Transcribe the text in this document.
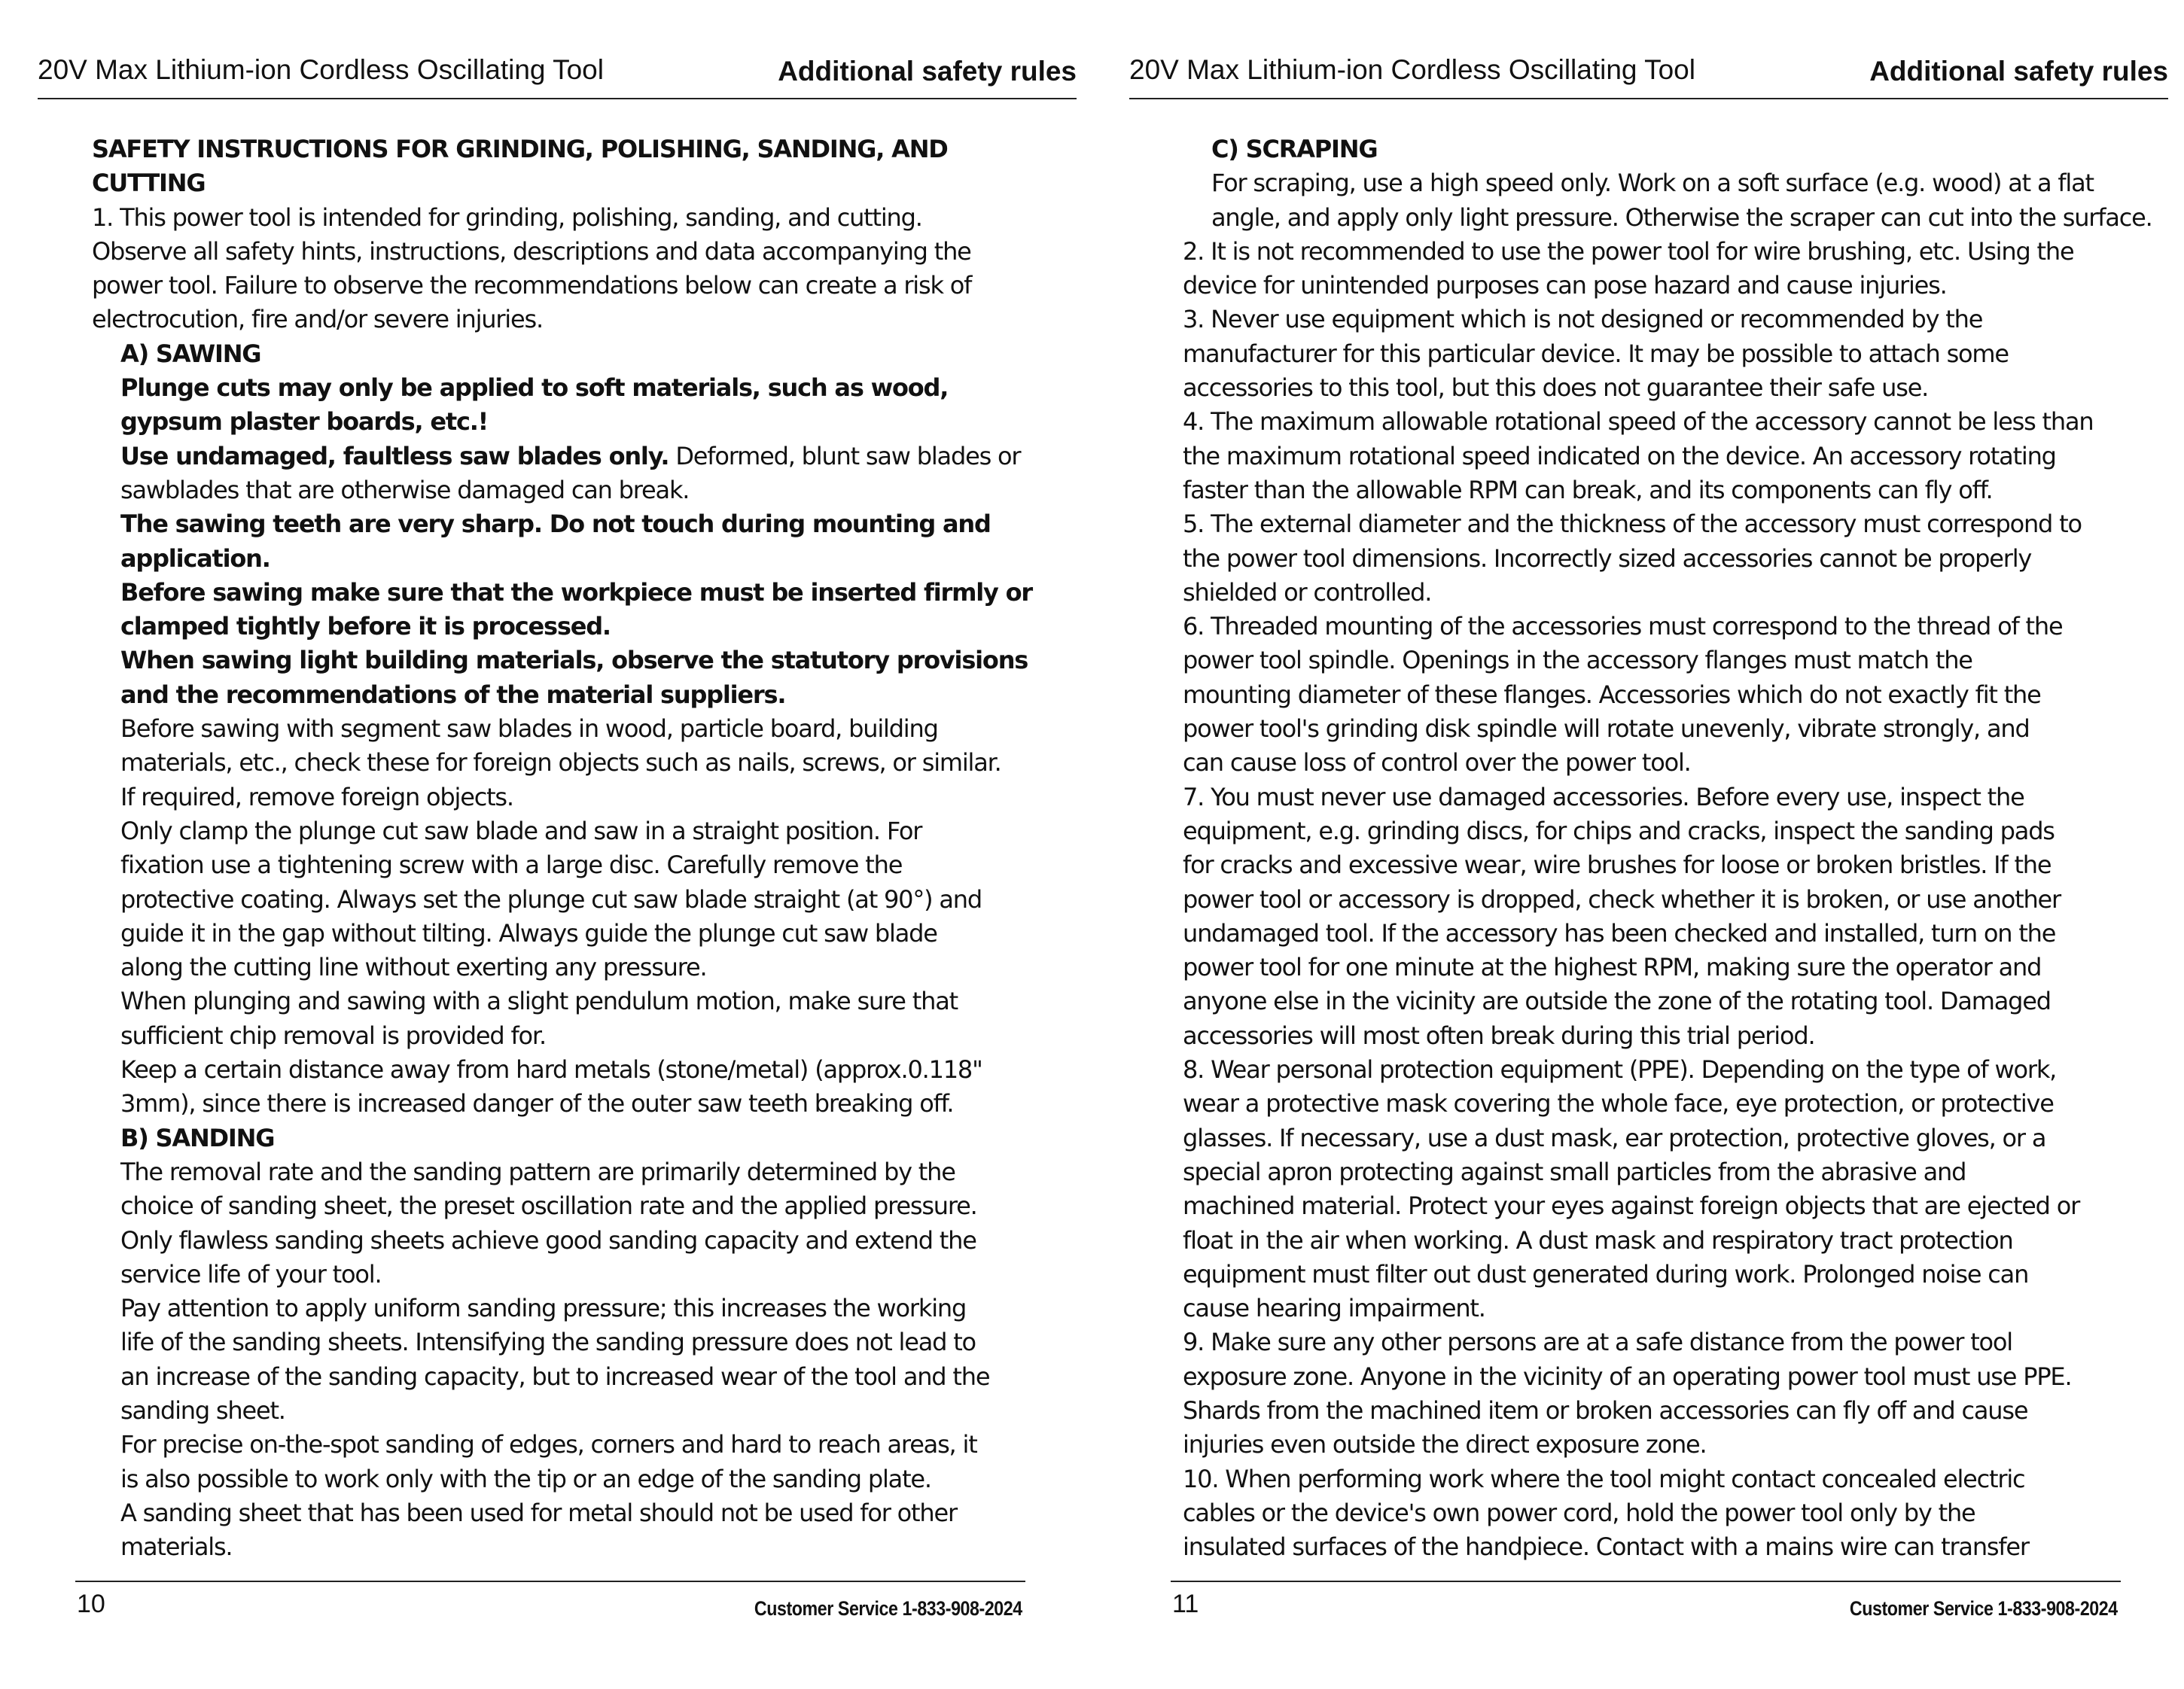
20V Max Lithium-ion Cordless Oscillating Tool	Additional safety rules
SAFETY INSTRUCTIONS FOR GRINDING, POLISHING, SANDING, AND
CUTTING
1. This power tool is intended for grinding, polishing, sanding, and cutting.
Observe all safety hints, instructions, descriptions and data accompanying the
power tool. Failure to observe the recommendations below can create a risk of
electrocution, fire and/or severe injuries.
A) SAWING
Plunge cuts may only be applied to soft materials, such as wood,
gypsum plaster boards, etc.!
Use undamaged, faultless saw blades only. Deformed, blunt saw blades or
sawblades that are otherwise damaged can break.
The sawing teeth are very sharp. Do not touch during mounting and
application.
Before sawing make sure that the workpiece must be inserted firmly or
clamped tightly before it is processed.
When sawing light building materials, observe the statutory provisions
and the recommendations of the material suppliers.
Before sawing with segment saw blades in wood, particle board, building
materials, etc., check these for foreign objects such as nails, screws, or similar.
If required, remove foreign objects.
Only clamp the plunge cut saw blade and saw in a straight position. For
fixation use a tightening screw with a large disc. Carefully remove the
protective coating. Always set the plunge cut saw blade straight (at 90°) and
guide it in the gap without tilting. Always guide the plunge cut saw blade
along the cutting line without exerting any pressure.
When plunging and sawing with a slight pendulum motion, make sure that
sufficient chip removal is provided for.
Keep a certain distance away from hard metals (stone/metal) (approx.0.118"
3mm), since there is increased danger of the outer saw teeth breaking off.
B) SANDING
The removal rate and the sanding pattern are primarily determined by the
choice of sanding sheet, the preset oscillation rate and the applied pressure.
Only flawless sanding sheets achieve good sanding capacity and extend the
service life of your tool.
Pay attention to apply uniform sanding pressure; this increases the working
life of the sanding sheets. Intensifying the sanding pressure does not lead to
an increase of the sanding capacity, but to increased wear of the tool and the
sanding sheet.
For precise on-the-spot sanding of edges, corners and hard to reach areas, it
is also possible to work only with the tip or an edge of the sanding plate.
A sanding sheet that has been used for metal should not be used for other
materials.
10	Customer Service 1-833-908-2024
20V Max Lithium-ion Cordless Oscillating Tool	Additional safety rules
C) SCRAPING
For scraping, use a high speed only. Work on a soft surface (e.g. wood) at a flat
angle, and apply only light pressure. Otherwise the scraper can cut into the surface.
2. It is not recommended to use the power tool for wire brushing, etc. Using the
device for unintended purposes can pose hazard and cause injuries.
3. Never use equipment which is not designed or recommended by the
manufacturer for this particular device. It may be possible to attach some
accessories to this tool, but this does not guarantee their safe use.
4. The maximum allowable rotational speed of the accessory cannot be less than
the maximum rotational speed indicated on the device. An accessory rotating
faster than the allowable RPM can break, and its components can fly off.
5. The external diameter and the thickness of the accessory must correspond to
the power tool dimensions. Incorrectly sized accessories cannot be properly
shielded or controlled.
6. Threaded mounting of the accessories must correspond to the thread of the
power tool spindle. Openings in the accessory flanges must match the
mounting diameter of these flanges. Accessories which do not exactly fit the
power tool's grinding disk spindle will rotate unevenly, vibrate strongly, and
can cause loss of control over the power tool.
7. You must never use damaged accessories. Before every use, inspect the
equipment, e.g. grinding discs, for chips and cracks, inspect the sanding pads
for cracks and excessive wear, wire brushes for loose or broken bristles. If the
power tool or accessory is dropped, check whether it is broken, or use another
undamaged tool. If the accessory has been checked and installed, turn on the
power tool for one minute at the highest RPM, making sure the operator and
anyone else in the vicinity are outside the zone of the rotating tool. Damaged
accessories will most often break during this trial period.
8. Wear personal protection equipment (PPE). Depending on the type of work,
wear a protective mask covering the whole face, eye protection, or protective
glasses. If necessary, use a dust mask, ear protection, protective gloves, or a
special apron protecting against small particles from the abrasive and
machined material. Protect your eyes against foreign objects that are ejected or
float in the air when working. A dust mask and respiratory tract protection
equipment must filter out dust generated during work. Prolonged noise can
cause hearing impairment.
9. Make sure any other persons are at a safe distance from the power tool
exposure zone. Anyone in the vicinity of an operating power tool must use PPE.
Shards from the machined item or broken accessories can fly off and cause
injuries even outside the direct exposure zone.
10. When performing work where the tool might contact concealed electric
cables or the device's own power cord, hold the power tool only by the
insulated surfaces of the handpiece. Contact with a mains wire can transfer
11	Customer Service 1-833-908-2024
